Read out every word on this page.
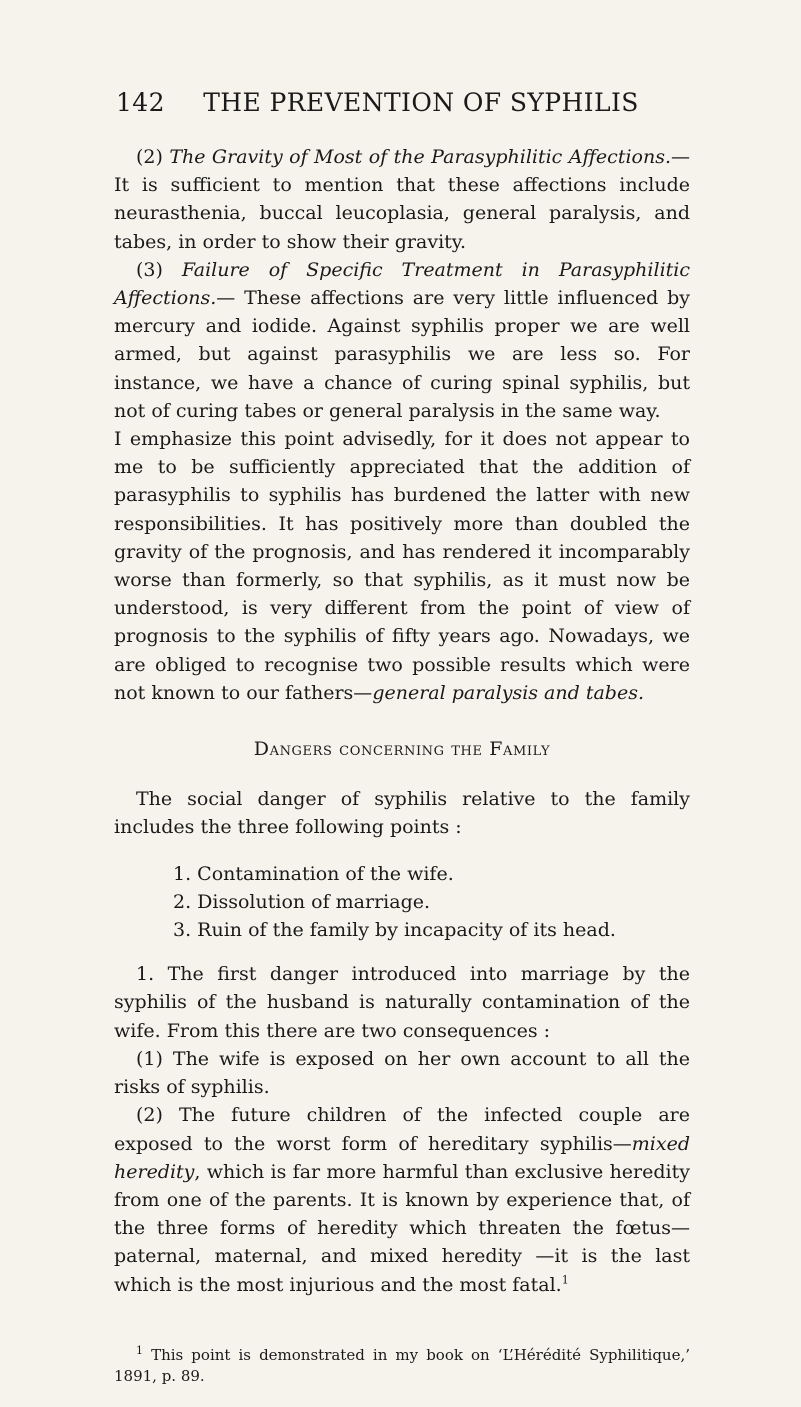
142	THE PREVENTION OF SYPHILIS

(2) The Gravity of Most of the Parasyphilitic Affections.—It is sufficient to mention that these affections include neurasthenia, buccal leucoplasia, general paralysis, and tabes, in order to show their gravity.

(3) Failure of Specific Treatment in Parasyphilitic Affections.— These affections are very little influenced by mercury and iodide. Against syphilis proper we are well armed, but against parasyphilis we are less so. For instance, we have a chance of curing spinal syphilis, but not of curing tabes or general paralysis in the same way.

I emphasize this point advisedly, for it does not appear to me to be sufficiently appreciated that the addition of parasyphilis to syphilis has burdened the latter with new responsibilities. It has positively more than doubled the gravity of the prognosis, and has rendered it incomparably worse than formerly, so that syphilis, as it must now be understood, is very different from the point of view of prognosis to the syphilis of fifty years ago. Nowadays, we are obliged to recognise two possible results which were not known to our fathers—general paralysis and tabes.

Dangers concerning the Family

The social danger of syphilis relative to the family includes the three following points :

1. Contamination of the wife.
2. Dissolution of marriage.
3. Ruin of the family by incapacity of its head.

1. The first danger introduced into marriage by the syphilis of the husband is naturally contamination of the wife. From this there are two consequences :

(1) The wife is exposed on her own account to all the risks of syphilis.

(2) The future children of the infected couple are exposed to the worst form of hereditary syphilis—mixed heredity, which is far more harmful than exclusive heredity from one of the parents. It is known by experience that, of the three forms of heredity which threaten the fœtus—paternal, maternal, and mixed heredity —it is the last which is the most injurious and the most fatal.$^1$

$^1$ This point is demonstrated in my book on ‘L’Hérédité Syphilitique,’ 1891, p. 89.
